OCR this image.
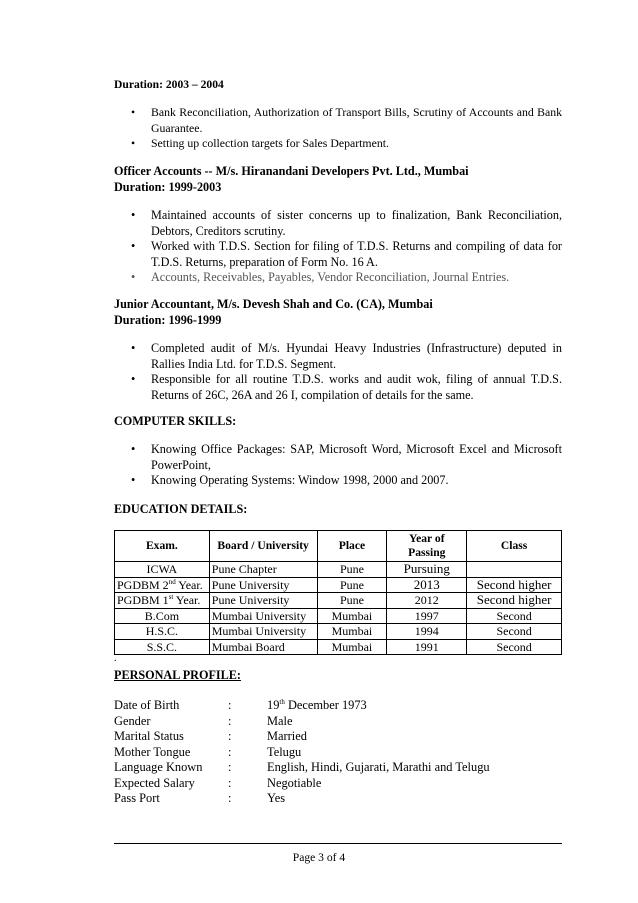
Duration: 2003 – 2004

• Bank Reconciliation, Authorization of Transport Bills, Scrutiny of Accounts and Bank Guarantee.
• Setting up collection targets for Sales Department.

Officer Accounts -- M/s. Hiranandani Developers Pvt. Ltd., Mumbai

Duration: 1999-2003

• Maintained accounts of sister concerns up to finalization, Bank Reconciliation, Debtors, Creditors scrutiny.
• Worked with T.D.S. Section for filing of T.D.S. Returns and compiling of data for T.D.S. Returns, preparation of Form No. 16 A.
• Accounts, Receivables, Payables, Vendor Reconciliation, Journal Entries.

Junior Accountant, M/s. Devesh Shah and Co. (CA), Mumbai

Duration: 1996-1999

• Completed audit of M/s. Hyundai Heavy Industries (Infrastructure) deputed in Rallies India Ltd. for T.D.S. Segment.
• Responsible for all routine T.D.S. works and audit wok, filing of annual T.D.S. Returns of 26C, 26A and 26 I, compilation of details for the same.

COMPUTER SKILLS:

• Knowing Office Packages: SAP, Microsoft Word, Microsoft Excel and Microsoft PowerPoint,
• Knowing Operating Systems: Window 1998, 2000 and 2007.

EDUCATION DETAILS:

Exam.	Board / University	Place	Year of Passing	Class
ICWA	Pune Chapter	Pune	Pursuing	
PGDBM 2nd Year.	Pune University	Pune	2013	Second higher
PGDBM 1st Year.	Pune University	Pune	2012	Second higher
B.Com	Mumbai University	Mumbai	1997	Second
H.S.C.	Mumbai University	Mumbai	1994	Second
S.S.C.	Mumbai Board	Mumbai	1991	Second

.

PERSONAL PROFILE:

Date of Birth	:	19th December 1973
Gender	:	Male
Marital Status	:	Married
Mother Tongue	:	Telugu
Language Known	:	English, Hindi, Gujarati, Marathi and Telugu
Expected Salary	:	Negotiable
Pass Port	:	Yes

Page 3 of 4
